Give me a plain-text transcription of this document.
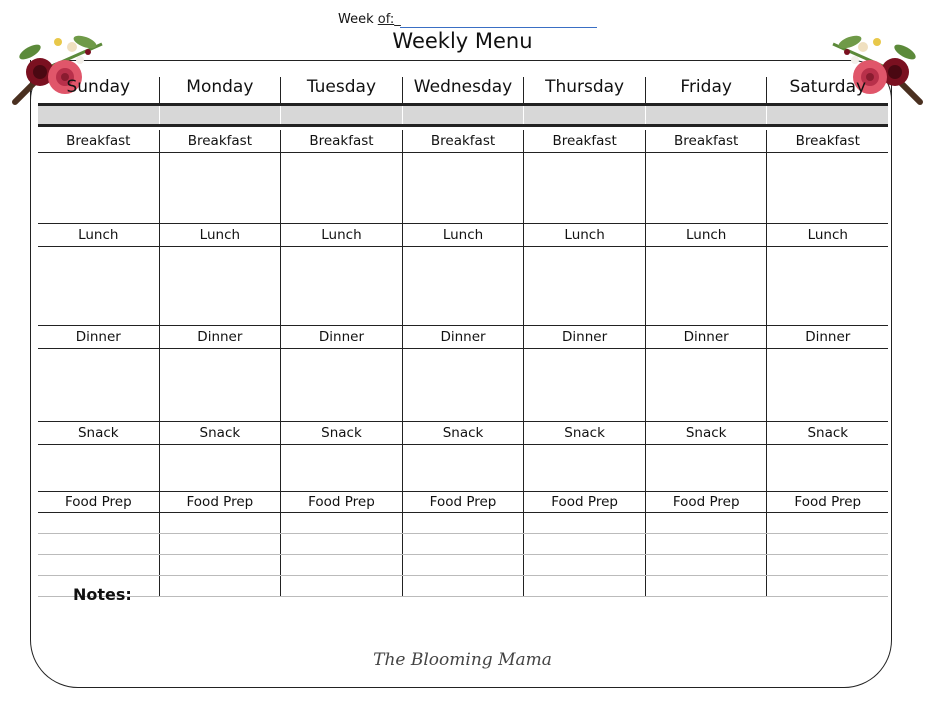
Week of:_
Weekly Menu
Sunday	Monday	Tuesday	Wednesday	Thursday	Friday	Saturday
Breakfast	Breakfast	Breakfast	Breakfast	Breakfast	Breakfast	Breakfast
Lunch	Lunch	Lunch	Lunch	Lunch	Lunch	Lunch
Dinner	Dinner	Dinner	Dinner	Dinner	Dinner	Dinner
Snack	Snack	Snack	Snack	Snack	Snack	Snack
Food Prep	Food Prep	Food Prep	Food Prep	Food Prep	Food Prep	Food Prep
Notes:
The Blooming Mama
